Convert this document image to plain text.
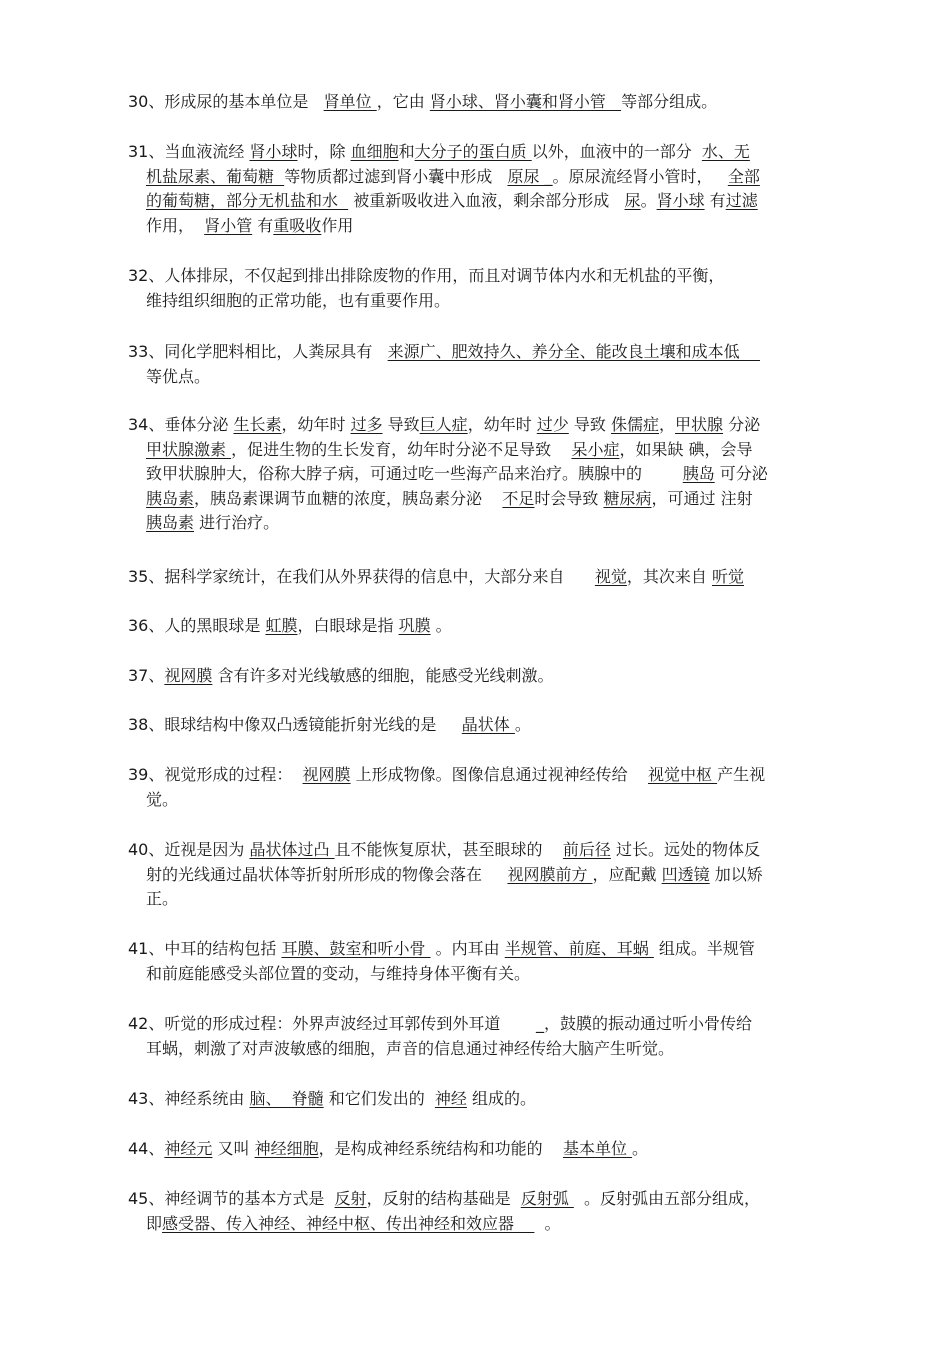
30、形成尿的基本单位是   肾单位 ，它由 肾小球、肾小囊和肾小管   等部分组成。
31、当血液流经 肾小球时，除 血细胞和大分子的蛋白质 以外，血液中的一部分  水、无
机盐尿素、葡萄糖  等物质都过滤到肾小囊中形成   原尿 _。原尿流经肾小管时，   全部
的葡萄糖，部分无机盐和水   被重新吸收进入血液，剩余部分形成   尿。肾小球 有过滤
作用，  肾小管 有重吸收作用
32、人体排尿，不仅起到排出排除废物的作用，而且对调节体内水和无机盐的平衡，
维持组织细胞的正常功能，也有重要作用。
33、同化学肥料相比，人粪尿具有   来源广、肥效持久、养分全、能改良土壤和成本低
等优点。
34、垂体分泌 生长素，幼年时 过多 导致巨人症，幼年时 过少 导致 侏儒症，甲状腺 分泌
甲状腺激素 ，促进生物的生长发育，幼年时分泌不足导致    呆小症，如果缺 碘，会导
致甲状腺肿大，俗称大脖子病，可通过吃一些海产品来治疗。胰腺中的        胰岛 可分泌
胰岛素，胰岛素课调节血糖的浓度，胰岛素分泌    不足时会导致 糖尿病，可通过 注射
胰岛素 进行治疗。
35、据科学家统计，在我们从外界获得的信息中，大部分来自      视觉，其次来自 听觉
36、人的黑眼球是 虹膜，白眼球是指 巩膜 。
37、视网膜 含有许多对光线敏感的细胞，能感受光线刺激。
38、眼球结构中像双凸透镜能折射光线的是     晶状体 。
39、视觉形成的过程：  视网膜 上形成物像。图像信息通过视神经传给    视觉中枢 产生视
觉。
40、近视是因为 晶状体过凸 且不能恢复原状，甚至眼球的    前后径 过长。远处的物体反
射的光线通过晶状体等折射所形成的物像会落在     视网膜前方 ，应配戴 凹透镜 加以矫
正。
41、中耳的结构包括 耳膜、鼓室和听小骨  。内耳由 半规管、前庭、耳蜗  组成。半规管
和前庭能感受头部位置的变动，与维持身体平衡有关。
42、听觉的形成过程：外界声波经过耳郭传到外耳道       _，鼓膜的振动通过听小骨传给
耳蜗，刺激了对声波敏感的细胞，声音的信息通过神经传给大脑产生听觉。
43、神经系统由 脑、  脊髓 和它们发出的  神经 组成的。
44、神经元 又叫 神经细胞，是构成神经系统结构和功能的    基本单位 。
45、神经调节的基本方式是  反射，反射的结构基础是  反射弧   。反射弧由五部分组成，
即感受器、传入神经、神经中枢、传出神经和效应器      。
